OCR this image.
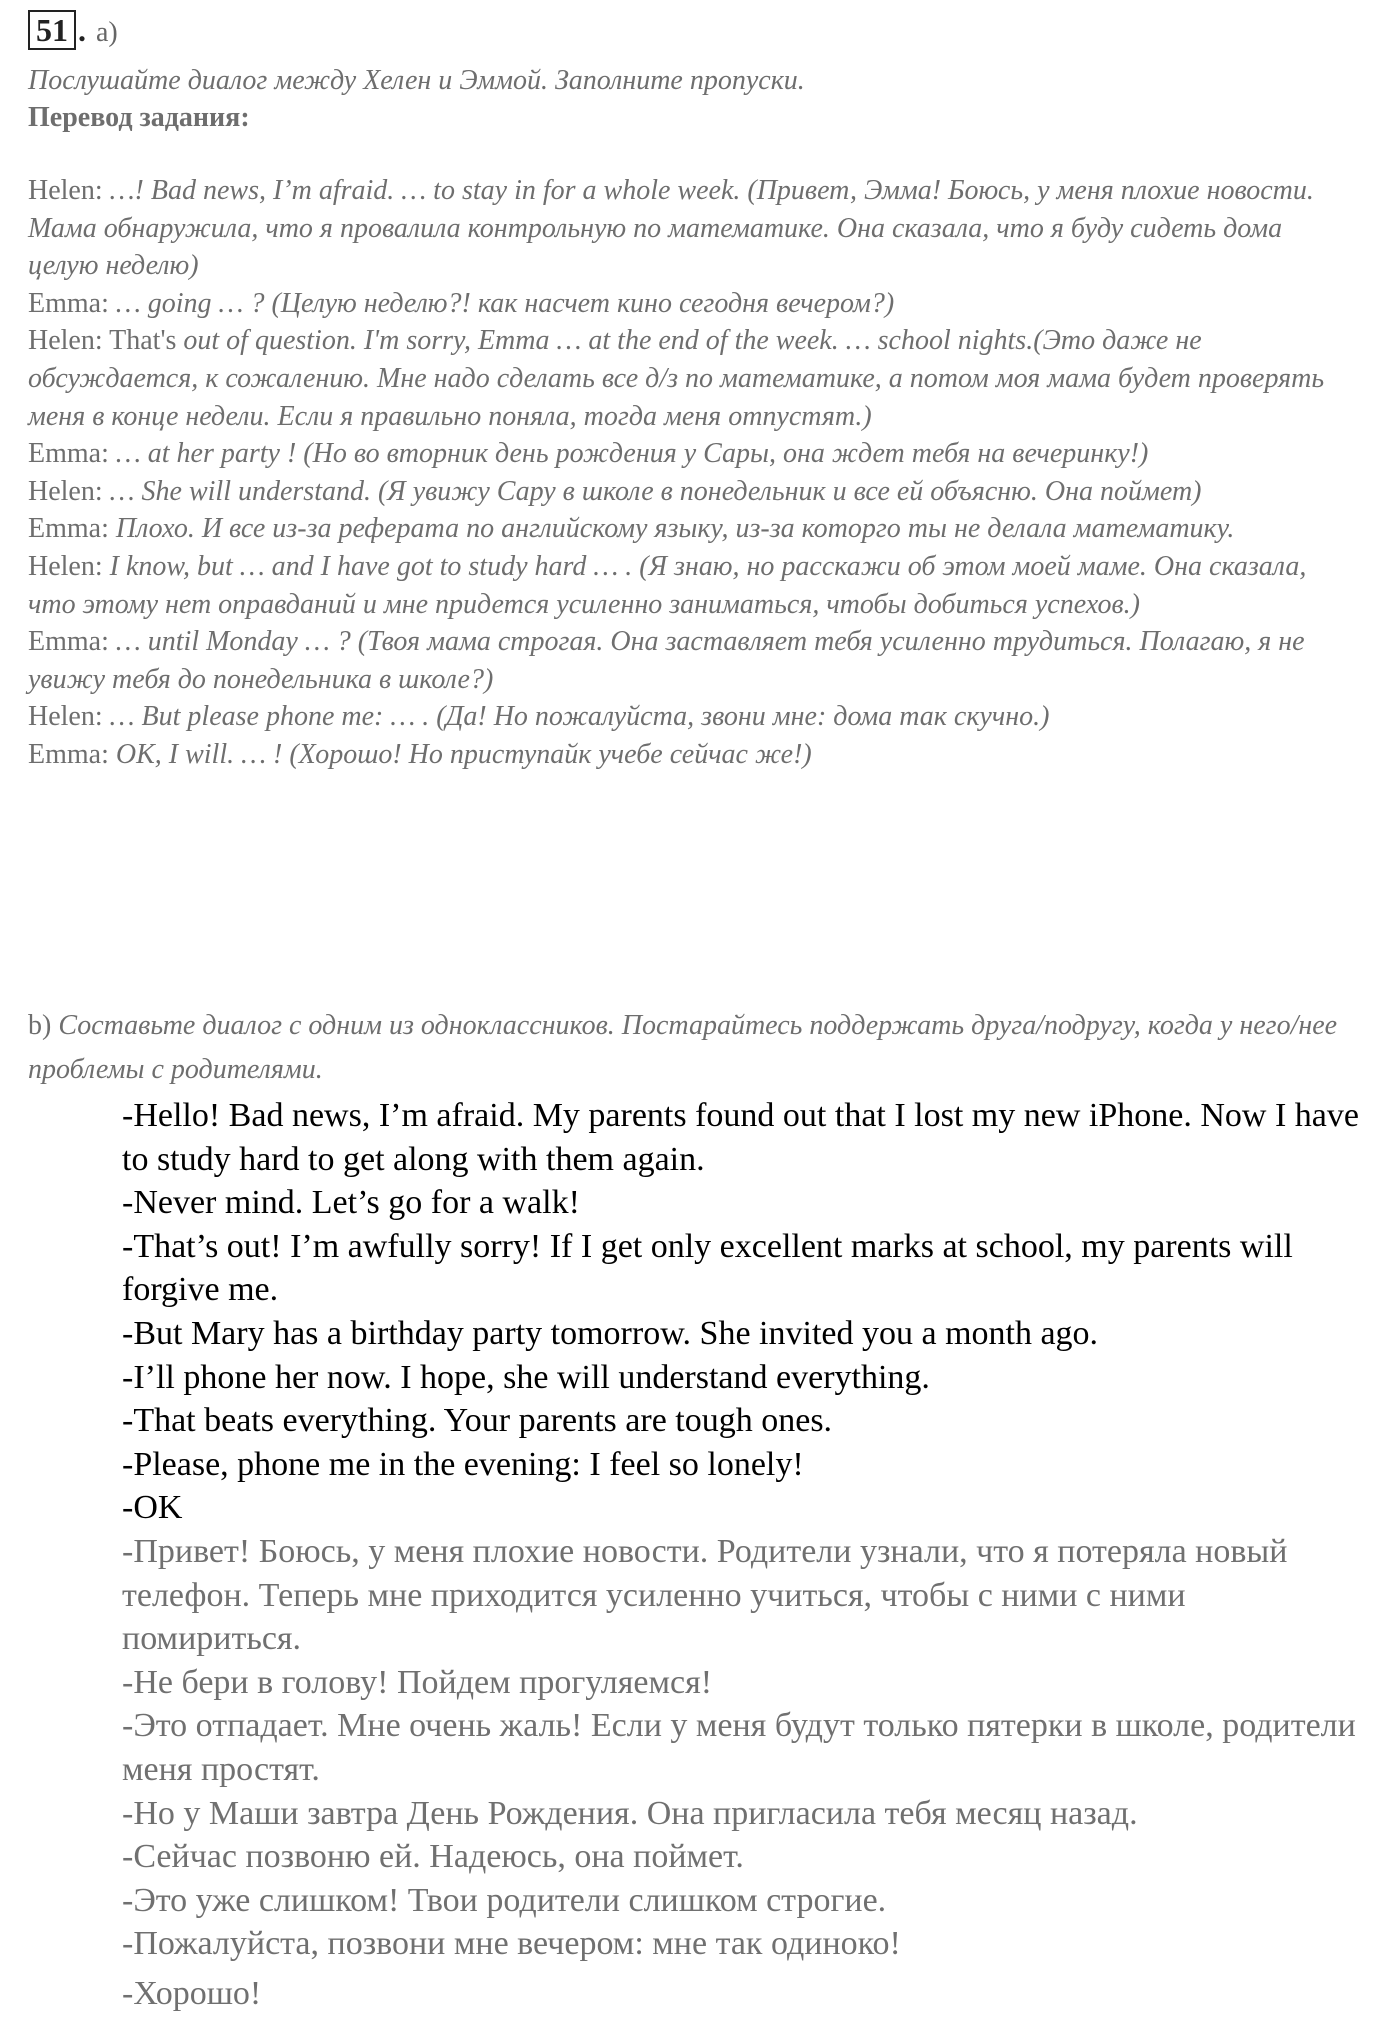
51 . a)

Послушайте диалог между Хелен и Эммой. Заполните пропуски.

Перевод задания:

Helen: …! Bad news, I’m afraid. … to stay in for a whole week. (Привет, Эмма! Боюсь, у меня плохие новости. Мама обнаружила, что я провалила контрольную по математике. Она сказала, что я буду сидеть дома целую неделю)

Emma: … going … ? (Целую неделю?! как насчет кино сегодня вечером?)

Helen: That's out of question. I'm sorry, Emma … at the end of the week. … school nights.(Это даже не обсуждается, к сожалению. Мне надо сделать все д/з по математике, а потом моя мама будет проверять меня в конце недели. Если я правильно поняла, тогда меня отпустят.)

Emma: … at her party ! (Но во вторник день рождения у Сары, она ждет тебя на вечеринку!)

Helen: … She will understand. (Я увижу Сару в школе в понедельник и все ей объясню. Она поймет)

Emma: Плохо. И все из-за реферата по английскому языку, из-за которго ты не делала математику.

Helen: I know, but … and I have got to study hard … . (Я знаю, но расскажи об этом моей маме. Она сказала, что этому нет оправданий и мне придется усиленно заниматься, чтобы добиться успехов.)

Emma: … until Monday … ? (Твоя мама строгая. Она заставляет тебя усиленно трудиться. Полагаю, я не увижу тебя до понедельника в школе?)

Helen: … But please phone me: … . (Да! Но пожалуйста, звони мне: дома так скучно.)

Emma: OK, I will. … ! (Хорошо! Но приступайк учебе сейчас же!)

b) Составьте диалог с одним из одноклассников. Постарайтесь поддержать друга/подругу, когда у него/нее проблемы с родителями.

-Hello! Bad news, I’m afraid. My parents found out that I lost my new iPhone. Now I have to study hard to get along with them again.

-Never mind. Let’s go for a walk!

-That’s out! I’m awfully sorry! If I get only excellent marks at school, my parents will forgive me.

-But Mary has a birthday party tomorrow. She invited you a month ago.

-I’ll phone her now. I hope, she will understand everything.

-That beats everything. Your parents are tough ones.

-Please, phone me in the evening: I feel so lonely!

-OK

-Привет! Боюсь, у меня плохие новости. Родители узнали, что я потеряла новый телефон. Теперь мне приходится усиленно учиться, чтобы с ними с ними помириться.

-Не бери в голову! Пойдем прогуляемся!

-Это отпадает. Мне очень жаль! Если у меня будут только пятерки в школе, родители меня простят.

-Но у Маши завтра День Рождения. Она пригласила тебя месяц назад.

-Сейчас позвоню ей. Надеюсь, она поймет.

-Это уже слишком! Твои родители слишком строгие.

-Пожалуйста, позвони мне вечером: мне так одиноко!

-Хорошо!
